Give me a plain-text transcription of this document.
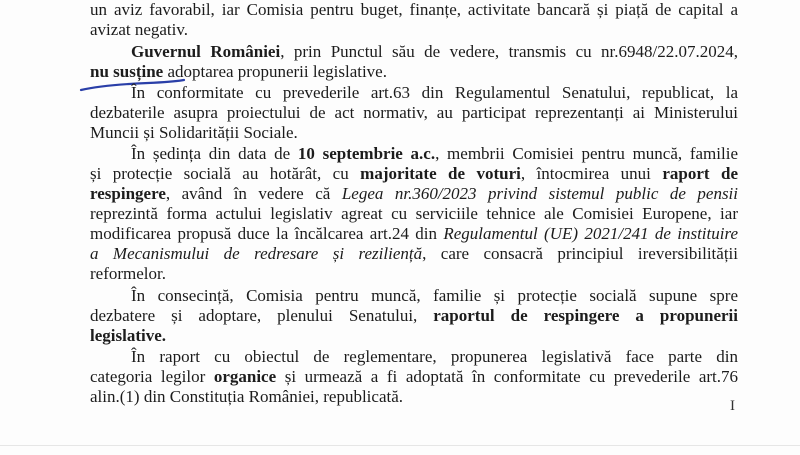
un aviz favorabil, iar Comisia pentru buget, finanțe, activitate bancară și piață de capital a
avizat negativ.
Guvernul României, prin Punctul său de vedere, transmis cu nr.6948/22.07.2024,
nu susține adoptarea propunerii legislative.
În conformitate cu prevederile art.63 din Regulamentul Senatului, republicat, la
dezbaterile asupra proiectului de act normativ, au participat reprezentanți ai Ministerului
Muncii și Solidarității Sociale.
În ședința din data de 10 septembrie a.c., membrii Comisiei pentru muncă, familie
și protecție socială au hotărât, cu majoritate de voturi, întocmirea unui raport de
respingere, având în vedere că Legea nr.360/2023 privind sistemul public de pensii
reprezintă forma actului legislativ agreat cu serviciile tehnice ale Comisiei Europene, iar
modificarea propusă duce la încălcarea art.24 din Regulamentul (UE) 2021/241 de instituire
a Mecanismului de redresare și reziliență, care consacră principiul ireversibilității
reformelor.
În consecință, Comisia pentru muncă, familie și protecție socială supune spre
dezbatere și adoptare, plenului Senatului, raportul de respingere a propunerii
legislative.
În raport cu obiectul de reglementare, propunerea legislativă face parte din
categoria legilor organice și urmează a fi adoptată în conformitate cu prevederile art.76
alin.(1) din Constituția României, republicată.	I
